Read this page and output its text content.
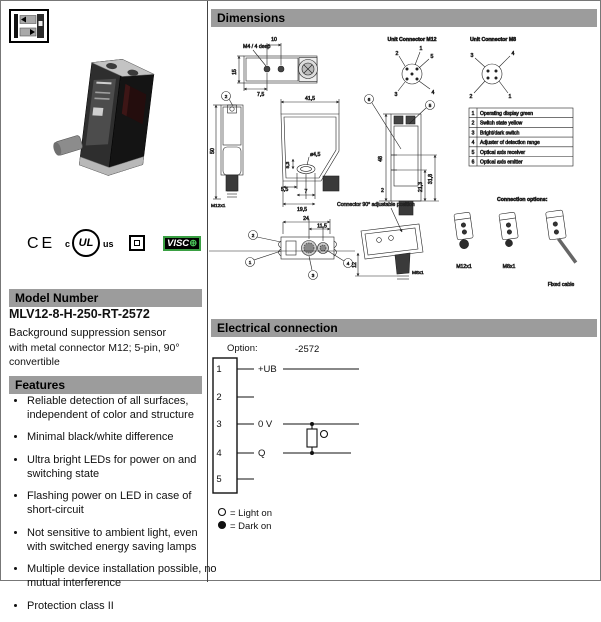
CE c UL	us	VISC⊕
Model Number
MLV12-8-H-250-RT-2572
Background suppression sensor
with metal connector M12; 5-pin, 90° convertible
Features
• Reliable detection of all surfaces, independent of color and structure
• Minimal black/white difference
• Ultra bright LEDs for power on and switching state
• Flashing power on LED in case of short-circuit
• Not sensitive to ambient light, even with switched energy saving lamps
• Multiple device installation possible, no mutual interference
• Protection class II
Dimensions
M4 / 4 deep
10
15
7,5
Unit Connector M12
2
1
5
3	4
Unit Connector M8
3	4
2	1
1 Operating display green
2 Switch state yellow
3 Bright/dark switch
4 Adjuster of detection range
5 Optical axis receiver
6 Optical axis emitter
50
M12x1
2	41,5
ø4,5
5,3
5,5	7
19,5
48
21,3
31,8
2
6
5
24
11,5
2
1
3
4
Connector 90° adjustable position
12
M8x1
Connection options:
M12x1	M8x1
Fixed cable
Electrical connection
Option:	-2572
1
2
3
4
5
+UB
0 V
Q
= Light on
= Dark on
